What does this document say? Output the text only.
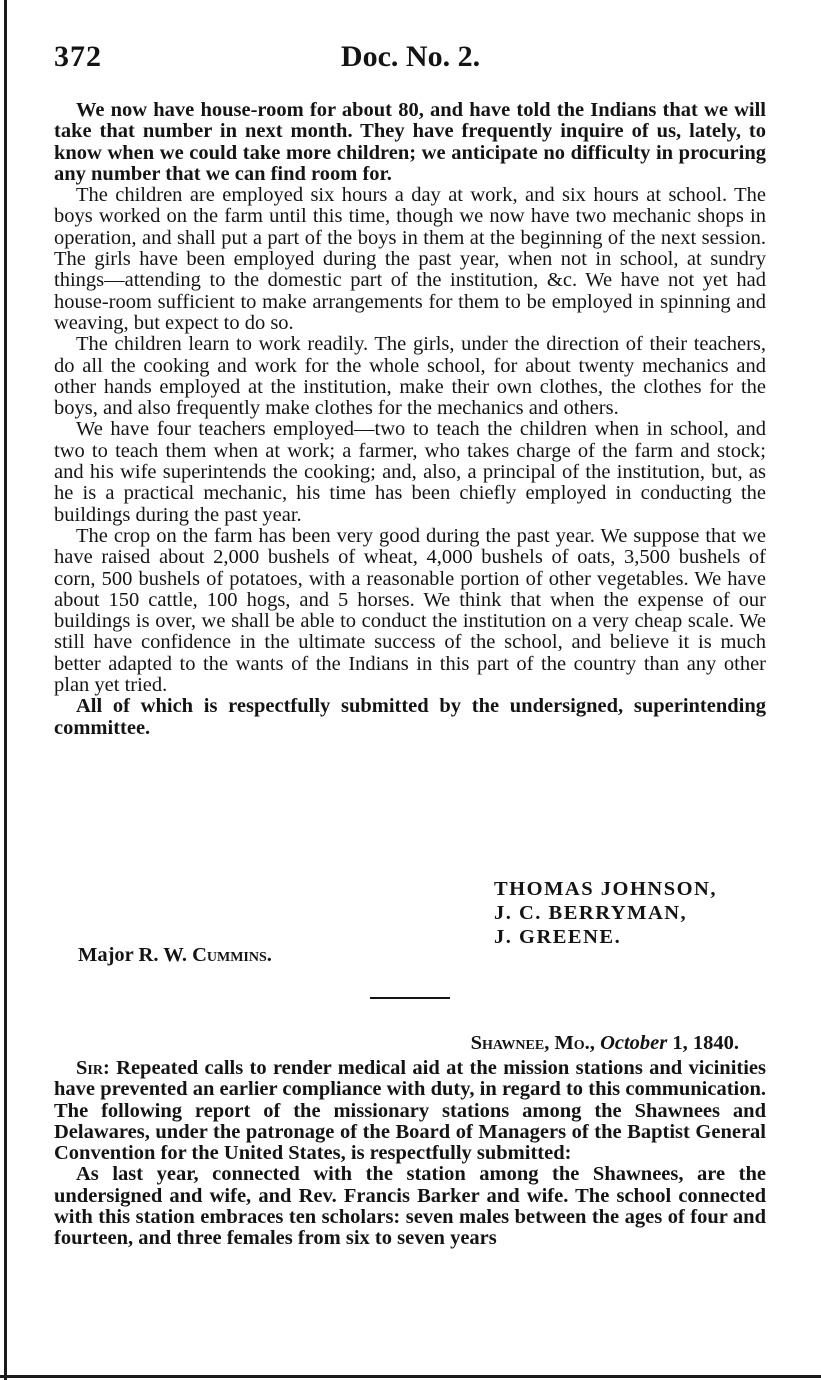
372	Doc. No. 2.

We now have house-room for about 80, and have told the Indians that we will take that number in next month. They have frequently inquire of us, lately, to know when we could take more children; we anticipate no difficulty in procuring any number that we can find room for.

The children are employed six hours a day at work, and six hours at school. The boys worked on the farm until this time, though we now have two mechanic shops in operation, and shall put a part of the boys in them at the beginning of the next session. The girls have been employed during the past year, when not in school, at sundry things—attending to the domestic part of the institution, &c. We have not yet had house-room sufficient to make arrangements for them to be employed in spinning and weaving, but expect to do so.

The children learn to work readily. The girls, under the direction of their teachers, do all the cooking and work for the whole school, for about twenty mechanics and other hands employed at the institution, make their own clothes, the clothes for the boys, and also frequently make clothes for the mechanics and others.

We have four teachers employed—two to teach the children when in school, and two to teach them when at work; a farmer, who takes charge of the farm and stock; and his wife superintends the cooking; and, also, a principal of the institution, but, as he is a practical mechanic, his time has been chiefly employed in conducting the buildings during the past year.

The crop on the farm has been very good during the past year. We suppose that we have raised about 2,000 bushels of wheat, 4,000 bushels of oats, 3,500 bushels of corn, 500 bushels of potatoes, with a reasonable portion of other vegetables. We have about 150 cattle, 100 hogs, and 5 horses. We think that when the expense of our buildings is over, we shall be able to conduct the institution on a very cheap scale. We still have confidence in the ultimate success of the school, and believe it is much better adapted to the wants of the Indians in this part of the country than any other plan yet tried.

All of which is respectfully submitted by the undersigned, superintending committee.

THOMAS JOHNSON,
J. C. BERRYMAN,
J. GREENE.
Major R. W. Cummins.
Shawnee, Mo., October 1, 1840.

Sir: Repeated calls to render medical aid at the mission stations and vicinities have prevented an earlier compliance with duty, in regard to this communication. The following report of the missionary stations among the Shawnees and Delawares, under the patronage of the Board of Managers of the Baptist General Convention for the United States, is respectfully submitted:

As last year, connected with the station among the Shawnees, are the undersigned and wife, and Rev. Francis Barker and wife. The school connected with this station embraces ten scholars: seven males between the ages of four and fourteen, and three females from six to seven years
